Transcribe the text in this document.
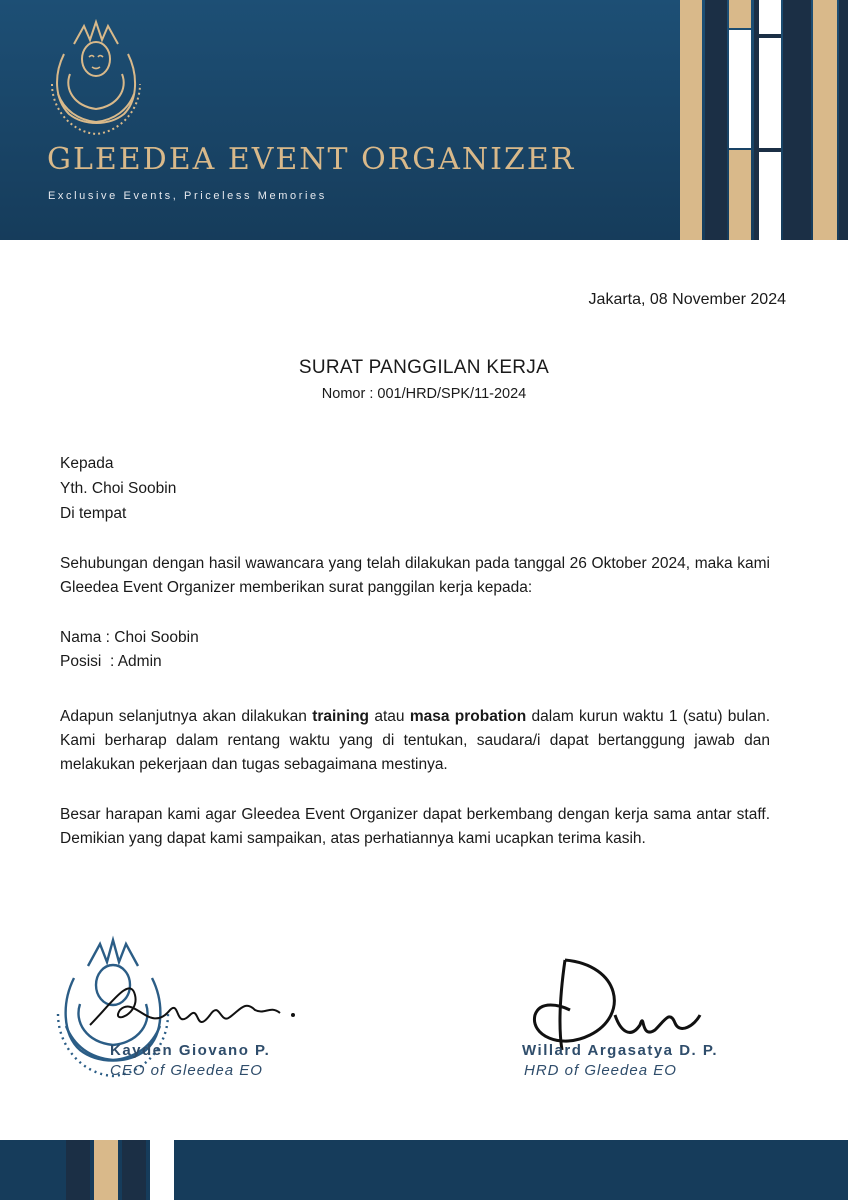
GLEEDEA EVENT ORGANIZER
Exclusive Events, Priceless Memories
Jakarta, 08 November 2024
SURAT PANGGILAN KERJA
Nomor : 001/HRD/SPK/11-2024
Kepada
Yth. Choi Soobin
Di tempat
Sehubungan dengan hasil wawancara yang telah dilakukan pada tanggal 26 Oktober 2024, maka kami Gleedea Event Organizer memberikan surat panggilan kerja kepada:
Nama : Choi Soobin
Posisi  : Admin
Adapun selanjutnya akan dilakukan training atau masa probation dalam kurun waktu 1 (satu) bulan. Kami berharap dalam rentang waktu yang di tentukan, saudara/i dapat bertanggung jawab dan melakukan pekerjaan dan tugas sebagaimana mestinya.
Besar harapan kami agar Gleedea Event Organizer dapat berkembang dengan kerja sama antar staff. Demikian yang dapat kami sampaikan, atas perhatiannya kami ucapkan terima kasih.
Kayden Giovano P.
CEO of Gleedea EO
Willard Argasatya D. P.
HRD of Gleedea EO
